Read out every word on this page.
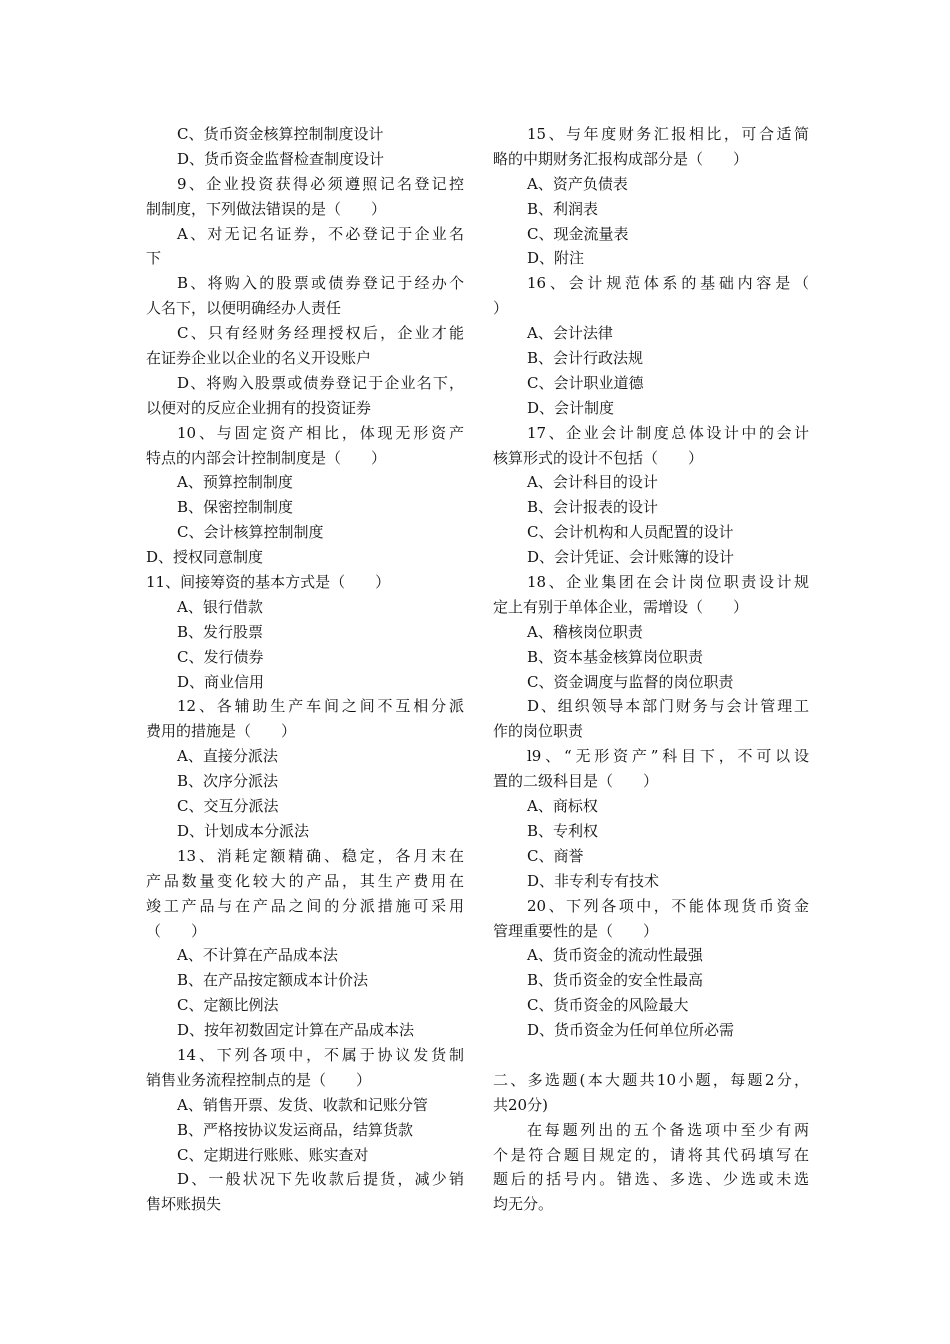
C、货币资金核算控制制度设计
D、货币资金监督检查制度设计
9、企业投资获得必须遵照记名登记控
制制度，下列做法错误的是（　　）
A、对无记名证券，不必登记于企业名
下
B、将购入的股票或债券登记于经办个
人名下，以便明确经办人责任
C、只有经财务经理授权后，企业才能
在证券企业以企业的名义开设账户
D、将购入股票或债券登记于企业名下，
以便对的反应企业拥有的投资证券
10、与固定资产相比，体现无形资产
特点的内部会计控制制度是（　　）
A、预算控制制度
B、保密控制制度
C、会计核算控制制度
D、授权同意制度
11、间接筹资的基本方式是（　　）
A、银行借款
B、发行股票
C、发行债券
D、商业信用
12、各辅助生产车间之间不互相分派
费用的措施是（　　）
A、直接分派法
B、次序分派法
C、交互分派法
D、计划成本分派法
13、消耗定额精确、稳定，各月末在
产品数量变化较大的产品，其生产费用在
竣工产品与在产品之间的分派措施可采用
（　　）
A、不计算在产品成本法
B、在产品按定额成本计价法
C、定额比例法
D、按年初数固定计算在产品成本法
14、下列各项中，不属于协议发货制
销售业务流程控制点的是（　　）
A、销售开票、发货、收款和记账分管
B、严格按协议发运商品，结算货款
C、定期进行账账、账实查对
D、一般状况下先收款后提货，减少销
售坏账损失
15、与年度财务汇报相比，可合适简
略的中期财务汇报构成部分是（　　）
A、资产负债表
B、利润表
C、现金流量表
D、附注
16、会计规范体系的基础内容是（
）
A、会计法律
B、会计行政法规
C、会计职业道德
D、会计制度
17、企业会计制度总体设计中的会计
核算形式的设计不包括（　　）
A、会计科目的设计
B、会计报表的设计
C、会计机构和人员配置的设计
D、会计凭证、会计账簿的设计
18、企业集团在会计岗位职责设计规
定上有别于单体企业，需增设（　　）
A、稽核岗位职责
B、资本基金核算岗位职责
C、资金调度与监督的岗位职责
D、组织领导本部门财务与会计管理工
作的岗位职责
l9、“无形资产”科目下，不可以设
置的二级科目是（　　）
A、商标权
B、专利权
C、商誉
D、非专利专有技术
20、下列各项中，不能体现货币资金
管理重要性的是（　　）
A、货币资金的流动性最强
B、货币资金的安全性最高
C、货币资金的风险最大
D、货币资金为任何单位所必需
二、多选题(本大题共10小题，每题2分，
共20分)
在每题列出的五个备选项中至少有两
个是符合题目规定的，请将其代码填写在
题后的括号内。错选、多选、少选或未选
均无分。
